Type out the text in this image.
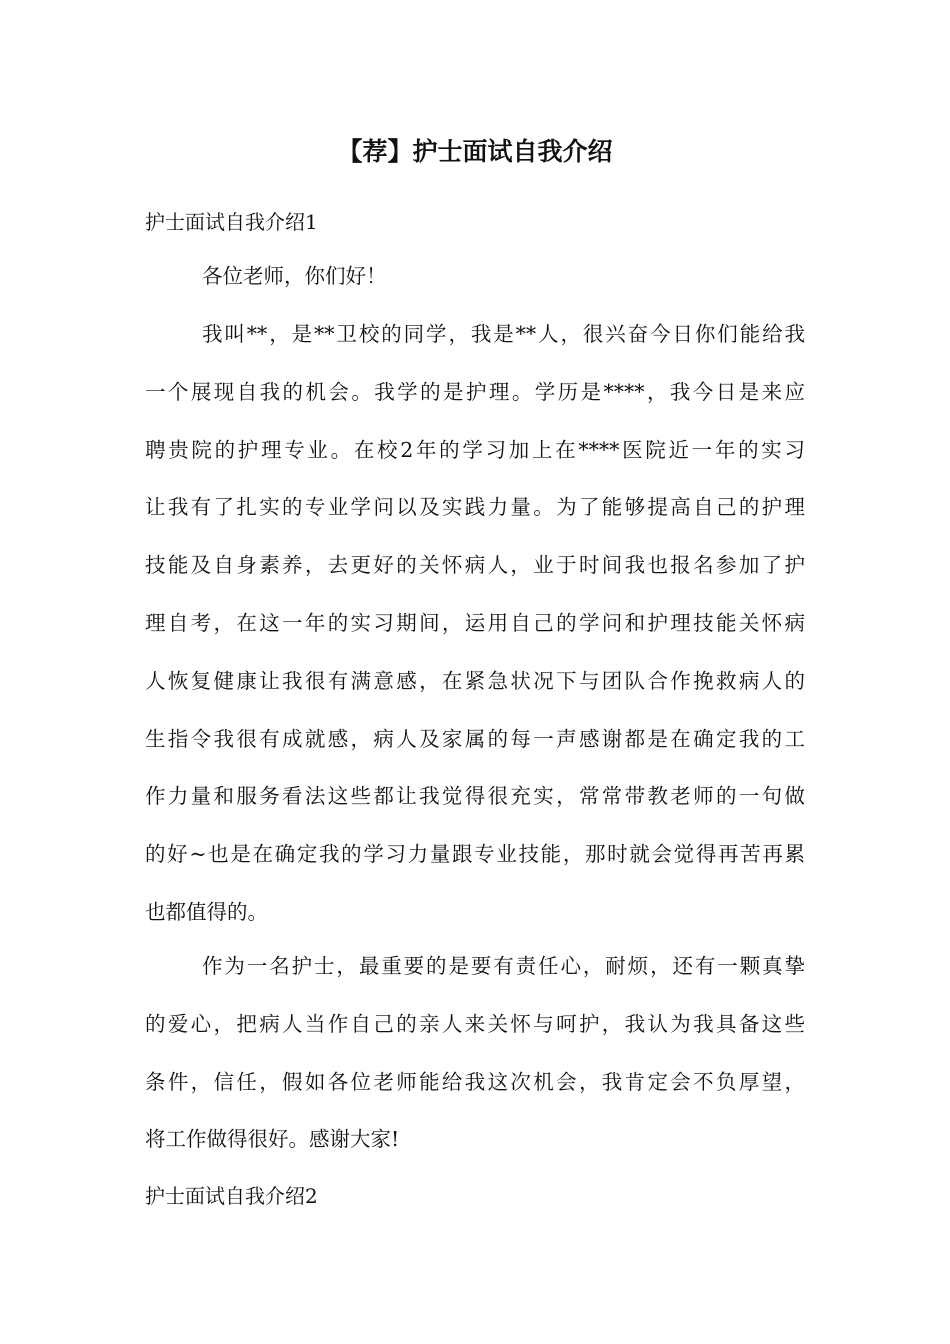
【荐】护士面试自我介绍
护士面试自我介绍1

各位老师，你们好！

我叫**，是**卫校的同学，我是**人，很兴奋今日你们能给我
一个展现自我的机会。我学的是护理。学历是****，我今日是来应
聘贵院的护理专业。在校2年的学习加上在****医院近一年的实习
让我有了扎实的专业学问以及实践力量。为了能够提高自己的护理
技能及自身素养，去更好的关怀病人，业于时间我也报名参加了护
理自考，在这一年的实习期间，运用自己的学问和护理技能关怀病
人恢复健康让我很有满意感，在紧急状况下与团队合作挽救病人的
生指令我很有成就感，病人及家属的每一声感谢都是在确定我的工
作力量和服务看法这些都让我觉得很充实，常常带教老师的一句做
的好~也是在确定我的学习力量跟专业技能，那时就会觉得再苦再累
也都值得的。

作为一名护士，最重要的是要有责任心，耐烦，还有一颗真挚
的爱心，把病人当作自己的亲人来关怀与呵护，我认为我具备这些
条件，信任，假如各位老师能给我这次机会，我肯定会不负厚望，
将工作做得很好。感谢大家!

护士面试自我介绍2
